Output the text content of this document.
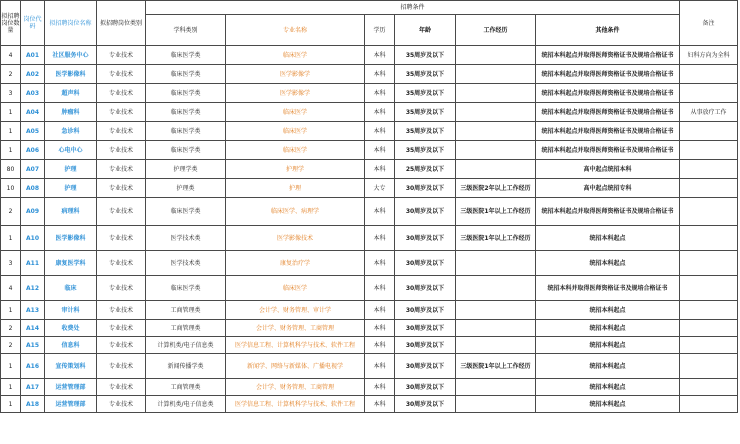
拟招聘岗位数量	岗位代码	拟招聘岗位名称	拟招聘岗位类别	招聘条件						备注
				学科类别	专业名称	学历	年龄	工作经历	其他条件	
4	A01	社区服务中心	专业技术	临床医学类	临床医学	本科	35周岁及以下		统招本科起点并取得医师资格证书及规培合格证书	妇科方向为全科
2	A02	医学影像科	专业技术	临床医学类	医学影像学	本科	35周岁及以下		统招本科起点并取得医师资格证书及规培合格证书	
3	A03	超声科	专业技术	临床医学类	医学影像学	本科	35周岁及以下		统招本科起点并取得医师资格证书及规培合格证书	
1	A04	肿瘤科	专业技术	临床医学类	临床医学	本科	35周岁及以下		统招本科起点并取得医师资格证书及规培合格证书	从事放疗工作
1	A05	急诊科	专业技术	临床医学类	临床医学	本科	35周岁及以下		统招本科起点并取得医师资格证书及规培合格证书	
1	A06	心电中心	专业技术	临床医学类	临床医学	本科	35周岁及以下		统招本科起点并取得医师资格证书及规培合格证书	
80	A07	护理	专业技术	护理学类	护理学	本科	25周岁及以下		高中起点统招本科	
10	A08	护理	专业技术	护理类	护理	大专	30周岁及以下	三级医院2年以上工作经历	高中起点统招专科	
2	A09	病理科	专业技术	临床医学类	临床医学、病理学	本科	30周岁及以下	三级医院1年以上工作经历	统招本科起点并取得医师资格证书及规培合格证书	
1	A10	医学影像科	专业技术	医学技术类	医学影像技术	本科	30周岁及以下	三级医院1年以上工作经历	统招本科起点	
3	A11	康复医学科	专业技术	医学技术类	康复治疗学	本科	30周岁及以下		统招本科起点	
4	A12	临床	专业技术	临床医学类	临床医学	本科	30周岁及以下		统招本科并取得医师资格证书及规培合格证书	
1	A13	审计科	专业技术	工商管理类	会计学、财务管理、审计学	本科	30周岁及以下		统招本科起点	
2	A14	收费处	专业技术	工商管理类	会计学、财务管理、工商管理	本科	30周岁及以下		统招本科起点	
2	A15	信息科	专业技术	计算机类/电子信息类	医学信息工程、计算机科学与技术、软件工程	本科	30周岁及以下		统招本科起点	
1	A16	宣传策划科	专业技术	新闻传播学类	新闻学、网络与新媒体、广播电视学	本科	30周岁及以下	三级医院1年以上工作经历	统招本科起点	
1	A17	运营管理部	专业技术	工商管理类	会计学、财务管理、工商管理	本科	30周岁及以下		统招本科起点	
1	A18	运营管理部	专业技术	计算机类/电子信息类	医学信息工程、计算机科学与技术、软件工程	本科	30周岁及以下		统招本科起点	
